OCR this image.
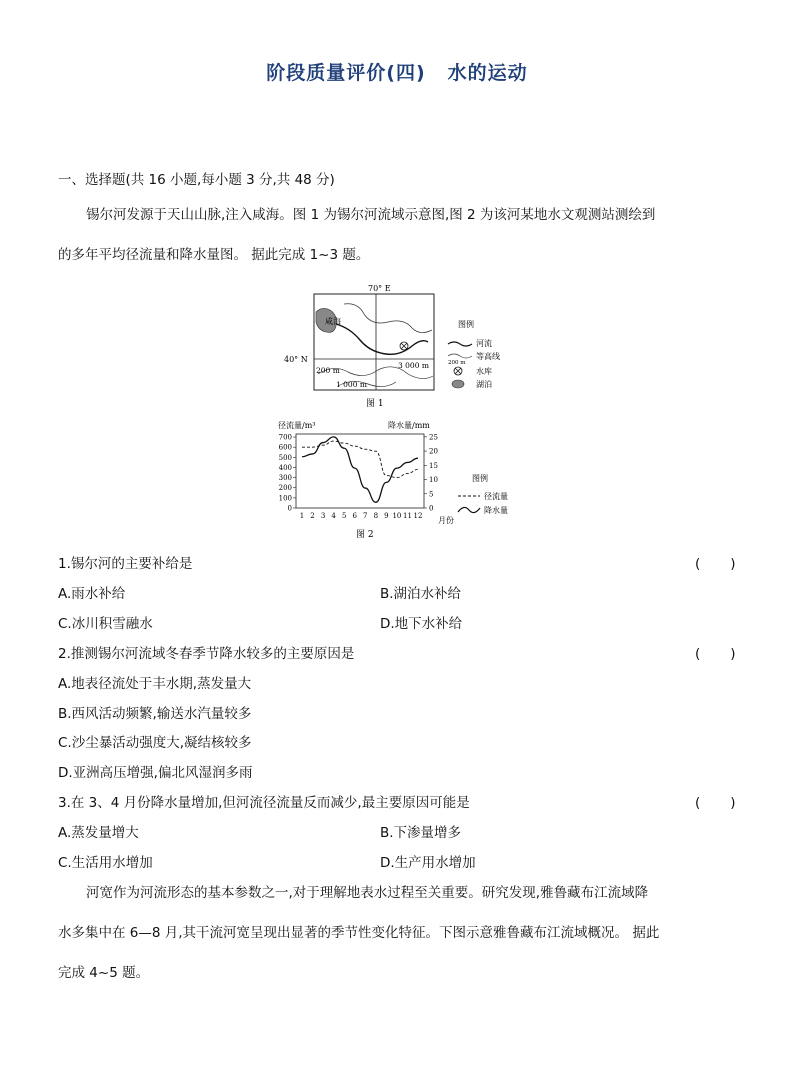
阶段质量评价(四) 水的运动
一、选择题(共 16 小题,每小题 3 分,共 48 分)
锡尔河发源于天山山脉,注入咸海。图 1 为锡尔河流域示意图,图 2 为该河某地水文观测站测绘到
的多年平均径流量和降水量图。 据此完成 1~3 题。
70° E
40° N
咸海
200 m
1 000 m
3 000 m
图例
河流
等高线
200 m
水库
湖泊
图 1
径流量/m³	降水量/mm
月份
图例
径流量
降水量
图 2
0
100
200
300
400
500
600
700
0
5
10
15
20
25
1 2 3 4 5 6 7 8 9 10 11 12
1.锡尔河的主要补给是	(　　)
A.雨水补给	B.湖泊水补给
C.冰川积雪融水	D.地下水补给
2.推测锡尔河流域冬春季节降水较多的主要原因是	(　　)
A.地表径流处于丰水期,蒸发量大
B.西风活动频繁,输送水汽量较多
C.沙尘暴活动强度大,凝结核较多
D.亚洲高压增强,偏北风湿润多雨
3.在 3、4 月份降水量增加,但河流径流量反而减少,最主要原因可能是	(　　)
A.蒸发量增大	B.下渗量增多
C.生活用水增加	D.生产用水增加
河宽作为河流形态的基本参数之一,对于理解地表水过程至关重要。研究发现,雅鲁藏布江流域降
水多集中在 6—8 月,其干流河宽呈现出显著的季节性变化特征。下图示意雅鲁藏布江流域概况。 据此
完成 4~5 题。
